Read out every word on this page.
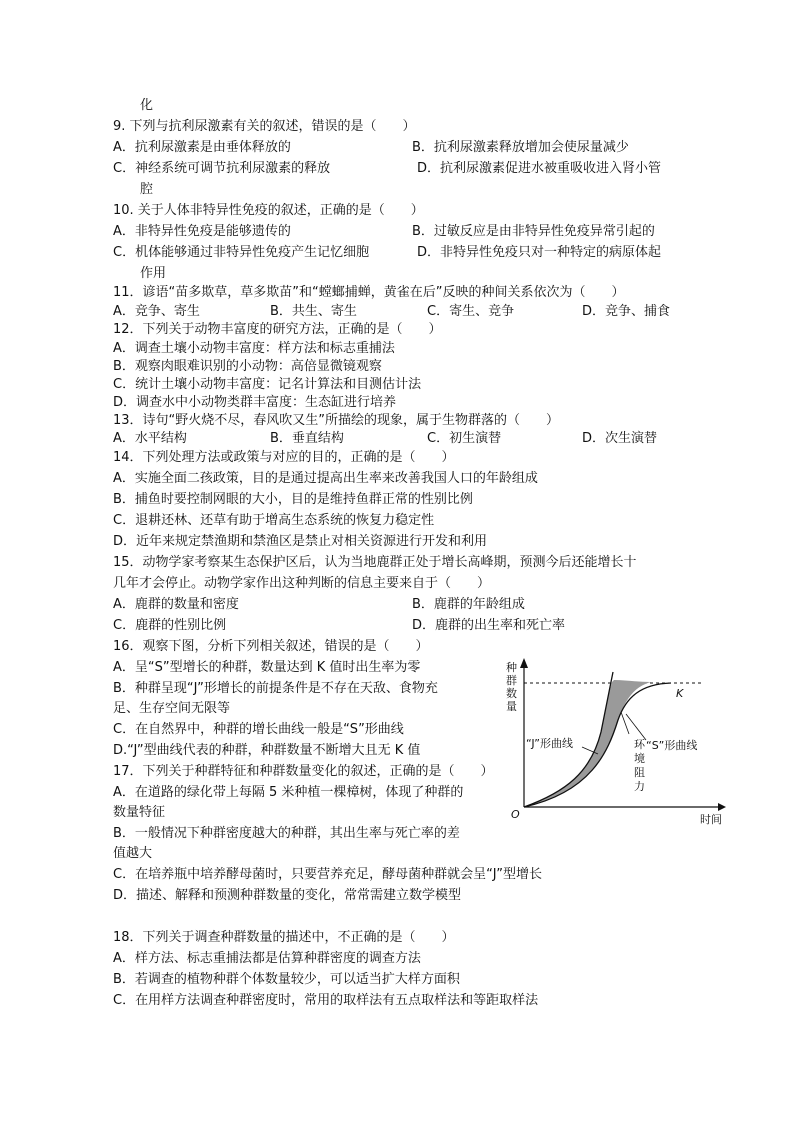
化
9. 下列与抗利尿激素有关的叙述，错误的是（　　）
A．抗利尿激素是由垂体释放的	B．抗利尿激素释放增加会使尿量减少
C．神经系统可调节抗利尿激素的释放	D．抗利尿激素促进水被重吸收进入肾小管
腔
10. 关于人体非特异性免疫的叙述，正确的是（　　）
A．非特异性免疫是能够遗传的	B．过敏反应是由非特异性免疫异常引起的
C．机体能够通过非特异性免疫产生记忆细胞	D．非特异性免疫只对一种特定的病原体起
作用
11．谚语“苗多欺草，草多欺苗”和“螳螂捕蝉，黄雀在后”反映的种间关系依次为（　　）
A．竞争、寄生	B．共生、寄生	C．寄生、竞争	D．竞争、捕食
12．下列关于动物丰富度的研究方法，正确的是（　　）
A．调查土壤小动物丰富度：样方法和标志重捕法
B．观察肉眼难识别的小动物：高倍显微镜观察
C．统计土壤小动物丰富度：记名计算法和目测估计法
D．调查水中小动物类群丰富度：生态缸进行培养
13．诗句“野火烧不尽，春风吹又生”所描绘的现象，属于生物群落的（　　）
A．水平结构	B．垂直结构	C．初生演替	D．次生演替
14．下列处理方法或政策与对应的目的，正确的是（　　）
A．实施全面二孩政策，目的是通过提高出生率来改善我国人口的年龄组成
B．捕鱼时要控制网眼的大小，目的是维持鱼群正常的性别比例
C．退耕还林、还草有助于增高生态系统的恢复力稳定性
D．近年来规定禁渔期和禁渔区是禁止对相关资源进行开发和利用
15．动物学家考察某生态保护区后，认为当地鹿群正处于增长高峰期，预测今后还能增长十
几年才会停止。动物学家作出这种判断的信息主要来自于（　　）
A．鹿群的数量和密度	B．鹿群的年龄组成
C．鹿群的性别比例	D．鹿群的出生率和死亡率
16．观察下图，分析下列相关叙述，错误的是（　　）
A．呈“S”型增长的种群，数量达到 K 值时出生率为零
B．种群呈现“J”形增长的前提条件是不存在天敌、食物充
足、生存空间无限等
C．在自然界中，种群的增长曲线一般是“S”形曲线
D.“J”型曲线代表的种群，种群数量不断增大且无 K 值
种
群
数
量
O	时间
K
“J”形曲线	“S”形曲线
环
境
阻
力
17．下列关于种群特征和种群数量变化的叙述，正确的是（　　）
A．在道路的绿化带上每隔 5 米种植一棵樟树，体现了种群的
数量特征
B．一般情况下种群密度越大的种群，其出生率与死亡率的差
值越大
C．在培养瓶中培养酵母菌时，只要营养充足，酵母菌种群就会呈“J”型增长
D．描述、解释和预测种群数量的变化，常常需建立数学模型
18．下列关于调查种群数量的描述中，不正确的是（　　）
A．样方法、标志重捕法都是估算种群密度的调查方法
B．若调查的植物种群个体数量较少，可以适当扩大样方面积
C．在用样方法调查种群密度时，常用的取样法有五点取样法和等距取样法
